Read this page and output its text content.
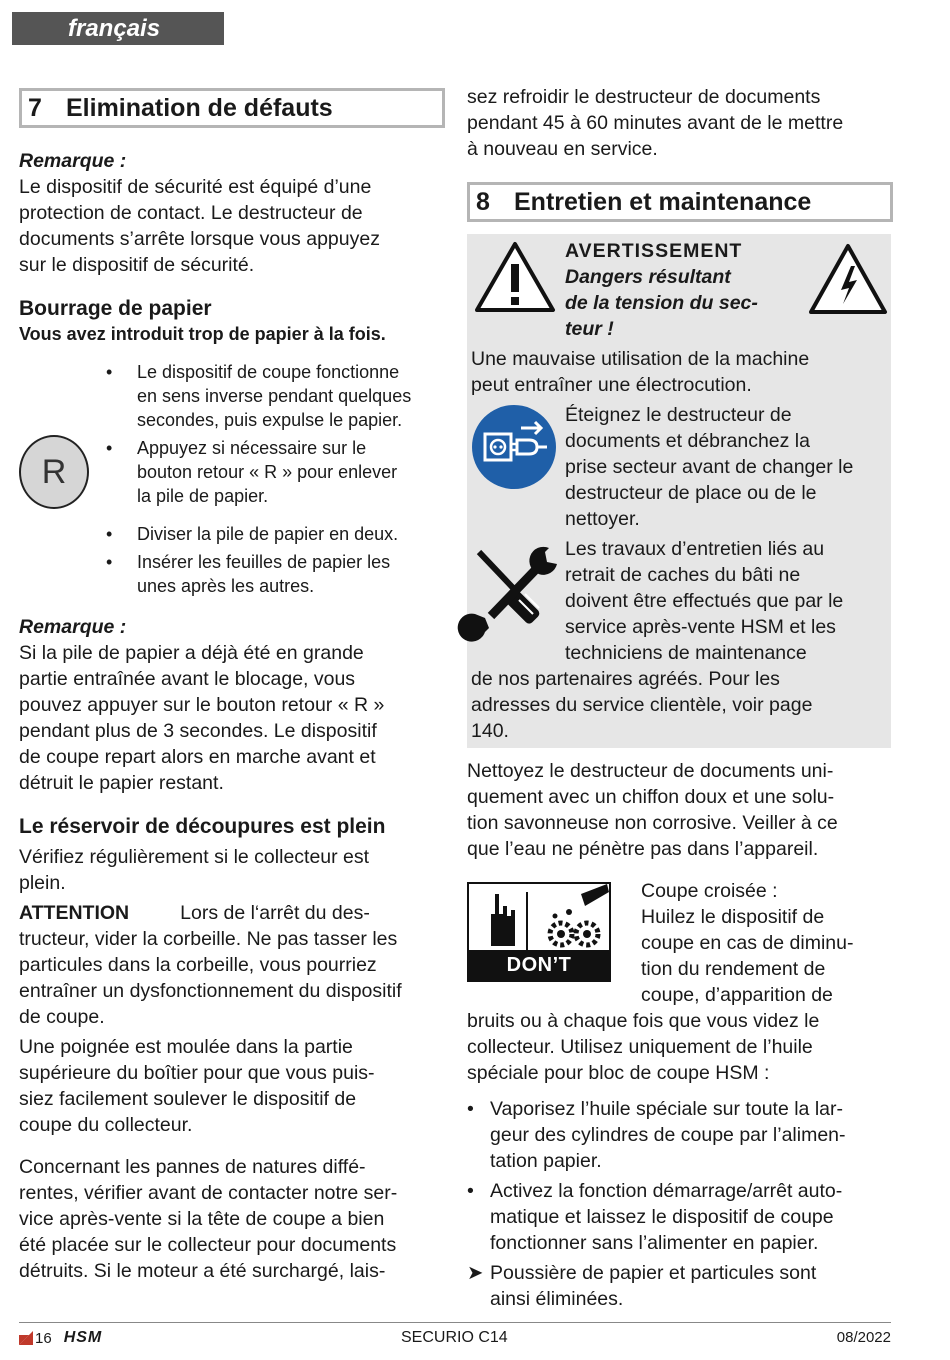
français
7 Elimination de défauts

Remarque :

Le dispositif de sécurité est équipé d’une

protection de contact. Le destructeur de

documents s’arrête lorsque vous appuyez

sur le dispositif de sécurité.

Bourrage de papier

Vous avez introduit trop de papier à la fois.

R
•	Le dispositif de coupe fonctionne

en sens inverse pendant quelques

secondes, puis expulse le papier.

•	Appuyez si nécessaire sur le

bouton retour « R » pour enlever

la pile de papier.

•	Diviser la pile de papier en deux.

•	Insérer les feuilles de papier les

unes après les autres.

Remarque :

Si la pile de papier a déjà été en grande

partie entraînée avant le blocage, vous

pouvez appuyer sur le bouton retour « R »

pendant plus de 3 secondes. Le dispositif

de coupe repart alors en marche avant et

détruit le papier restant.

Le réservoir de découpures est plein

Vérifiez régulièrement si le collecteur est

plein.

ATTENTION	Lors de l‘arrêt du des-

tructeur, vider la corbeille. Ne pas tasser les

particules dans la corbeille, vous pourriez

entraîner un dysfonctionnement du dispositif

de coupe.

Une poignée est moulée dans la partie

supérieure du boîtier pour que vous puis-

siez facilement soulever le dispositif de

coupe du collecteur.

Concernant les pannes de natures diffé-

rentes, vérifier avant de contacter notre ser-

vice après-vente si la tête de coupe a bien

été placée sur le collecteur pour documents

détruits. Si le moteur a été surchargé, lais-

sez refroidir le destructeur de documents

pendant 45 à 60 minutes avant de le mettre

à nouveau en service.

8 Entretien et maintenance

AVERTISSEMENT

Dangers résultant

de la tension du sec-

teur !

Une mauvaise utilisation de la machine

peut entraîner une électrocution.

Éteignez le destructeur de

documents et débranchez la

prise secteur avant de changer le

destructeur de place ou de le

nettoyer.

Les travaux d’entretien liés au

retrait de caches du bâti ne

doivent être effectués que par le

service après-vente HSM et les

techniciens de maintenance

de nos partenaires agréés. Pour les

adresses du service clientèle, voir page

140.

Nettoyez le destructeur de documents uni-

quement avec un chiffon doux et une solu-

tion savonneuse non corrosive. Veiller à ce

que l’eau ne pénètre pas dans l’appareil.

DON’T FORGET

Coupe croisée :

Huilez le dispositif de

coupe en cas de diminu-

tion du rendement de

coupe, d’apparition de

bruits ou à chaque fois que vous videz le

collecteur. Utilisez uniquement de l’huile

spéciale pour bloc de coupe HSM :

• Vaporisez l’huile spéciale sur toute la lar-

geur des cylindres de coupe par l’alimen-

tation papier.

• Activez la fonction démarrage/arrêt auto-

matique et laissez le dispositif de coupe

fonctionner sans l’alimenter en papier.

➤ Poussière de papier et particules sont

ainsi éliminées.

16 HSM	SECURIO C14	08/2022
